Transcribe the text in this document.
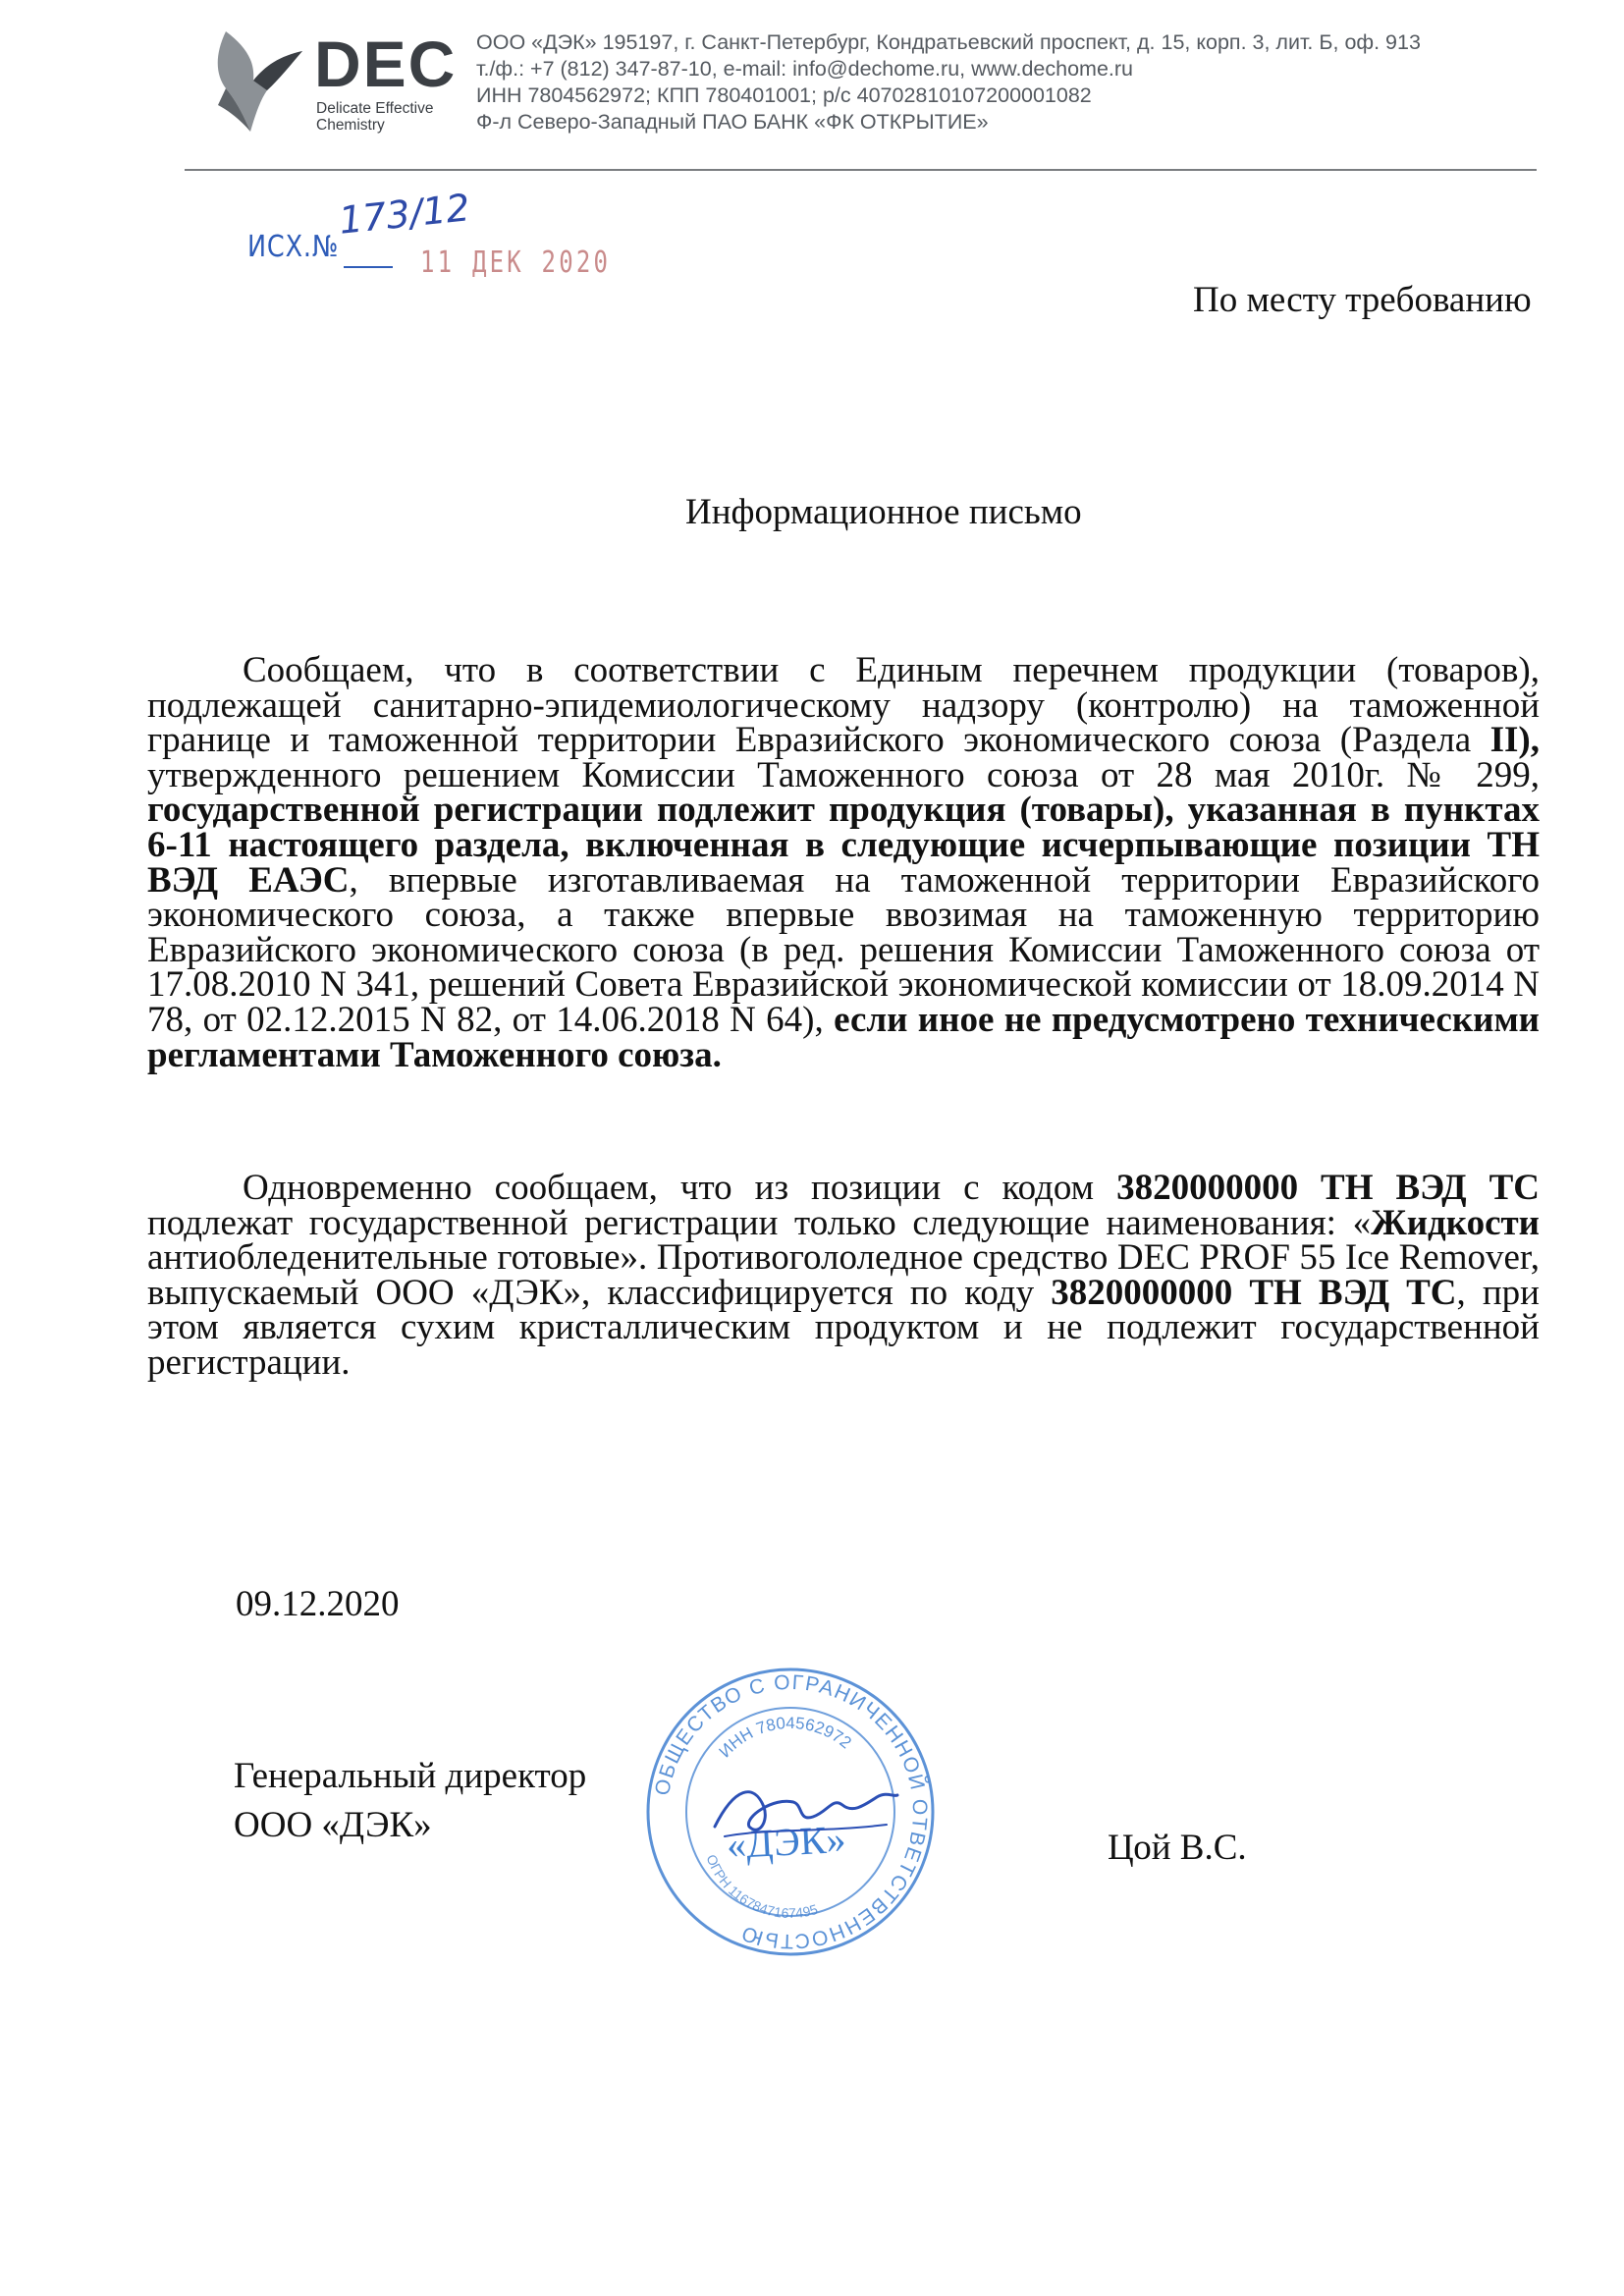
DEC
Delicate Effective
Chemistry
ООО «ДЭК» 195197, г. Санкт-Петербург, Кондратьевский проспект, д. 15, корп. 3, лит. Б, оф. 913
т./ф.: +7 (812) 347-87-10, e-mail: info@dechome.ru, www.dechome.ru
ИНН 7804562972; КПП 780401001; р/с 40702810107200001082
Ф-л Северо-Западный ПАО БАНК «ФК ОТКРЫТИЕ»
ИСХ.№
173/12
11 ДЕК 2020
По месту требованию
Информационное письмо
Сообщаем, что в соответствии с Единым перечнем продукции (товаров), подлежащей санитарно-эпидемиологическому надзору (контролю) на таможенной границе и таможенной территории Евразийского экономического союза (Раздела II), утвержденного решением Комиссии Таможенного союза от 28 мая 2010г. № 299, государственной регистрации подлежит продукция (товары), указанная в пунктах 6-11 настоящего раздела, включенная в следующие исчерпывающие позиции ТН ВЭД ЕАЭС, впервые изготавливаемая на таможенной территории Евразийского экономического союза, а также впервые ввозимая на таможенную территорию Евразийского экономического союза (в ред. решения Комиссии Таможенного союза от 17.08.2010 N 341, решений Совета Евразийской экономической комиссии от 18.09.2014 N 78, от 02.12.2015 N 82, от 14.06.2018 N 64), если иное не предусмотрено техническими регламентами Таможенного союза.
Одновременно сообщаем, что из позиции с кодом 3820000000 ТН ВЭД ТС подлежат государственной регистрации только следующие наименования: «Жидкости антиобледенительные готовые». Противогололедное средство DEC PROF 55 Ice Remover, выпускаемый ООО «ДЭК», классифицируется по коду 3820000000 ТН ВЭД ТС, при этом является сухим кристаллическим продуктом и не подлежит государственной регистрации.
09.12.2020
Генеральный директор
ООО «ДЭК»
Цой В.С.
ОБЩЕСТВО С ОГРАНИЧЕННОЙ ОТВЕТСТВЕННОСТЬЮ
ИНН 7804562972
ОГРН 1167847167495
«ДЭК»
